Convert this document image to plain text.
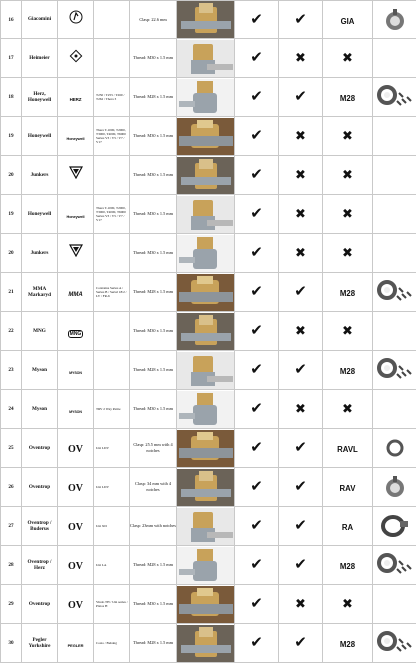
16	Giacomini			Clasp: 22.6 mm		✔	✔	GIA	

17	Heimeier			Thread: M30 x 1.5 mm		✔	✖	✖	
18	Herz, Honeywell	HERZ	T250 / T255 / T260 / T262 / Thera 3	Thread: M28 x 1.5 mm		✔	✔	M28	

19	Honeywell	Honeywell	Thera T-1000, T2000, T3000, T4000, T6000 Series V3 / V5 / V7 / V17	Thread: M30 x 1.5 mm		✔	✖	✖	
20	Junkers			Thread: M30 x 1.5 mm		✔	✖	✖	
19	Honeywell	Honeywell	Thera T-1000, T2000, T3000, T4000, T6000 Series V3 / V5 / V7 / V17	Thread: M30 x 1.5 mm		✔	✖	✖	
20	Junkers			Thread: M30 x 1.5 mm		✔	✖	✖	
21	MMA Markaryd	MMA	Contrains Series A / Series B / Serial 18/2 / LV / FR-6	Thread: M28 x 1.5 mm		✔	✔	M28	

22	MNG	MNG		Thread: M30 x 1.5 mm		✔	✖	✖	
23	Myson	MYSON		Thread: M28 x 1.5 mm		✔	✔	M28	

24	Myson	MYSON	TRV 2 Way Petite	Thread: M30 x 1.5 mm		✔	✖	✖	
25	Oventrop	OV	Uni LDV	Clasp: 25.5 mm with 4 notches		✔	✔	RAVL	

26	Oventrop	OV	Uni LDV	Clasp: 34 mm with 4 notches		✔	✔	RAV	

27	Oventrop / Buderus	OV	Uni XD	Clasp: 23mm with notches		✔	✔	RA	

28	Oventrop / Herz	OV	Uni LA	Thread: M28 x 1.5 mm		✔	✔	M28	

29	Oventrop	OV	Vindo TH / Uni series / Pistos H	Thread: M30 x 1.5 mm		✔	✖	✖	
30	Pegler Yorkshire	PEGLER	Costo / Belsing	Thread: M28 x 1.5 mm		✔	✔	M28	
